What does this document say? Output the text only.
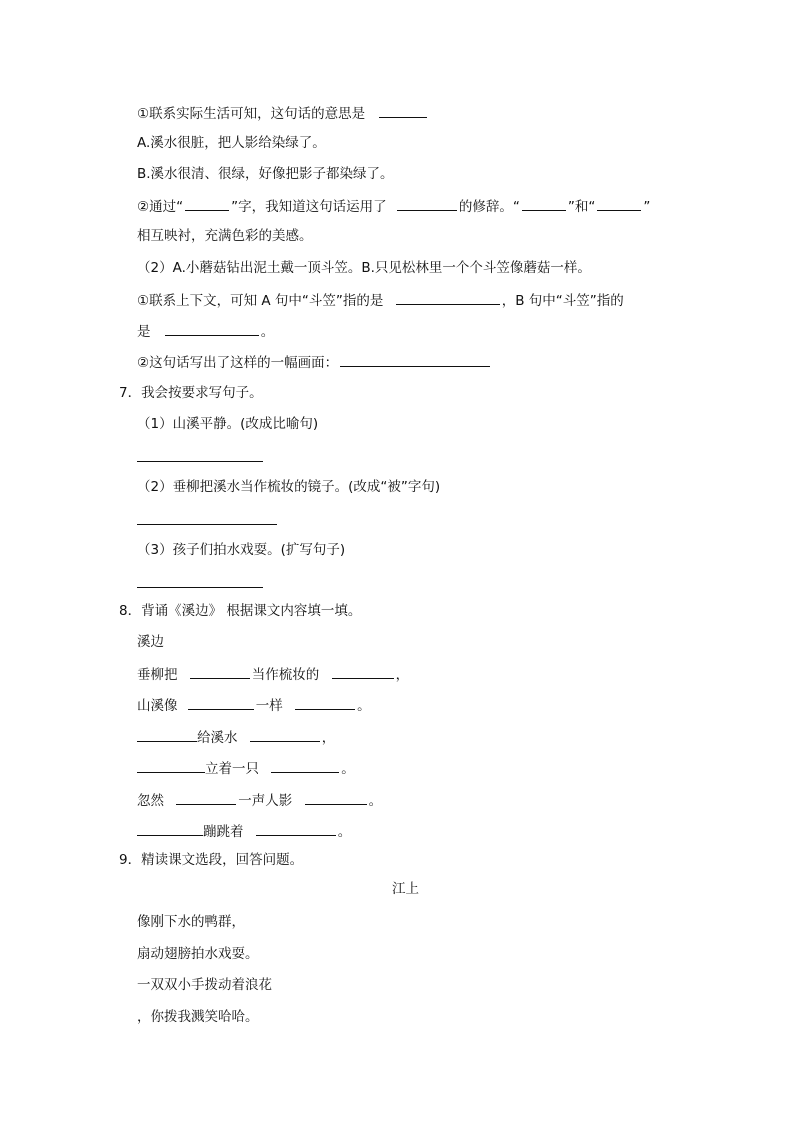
①联系实际生活可知，这句话的意思是
A.溪水很脏，把人影给染绿了。
B.溪水很清、很绿，好像把影子都染绿了。
②通过“	”字，我知道这句话运用了	的修辞。“	”和“	”
相互映衬，充满色彩的美感。
（2）A.小蘑菇钻出泥土戴一顶斗笠。B.只见松林里一个个斗笠像蘑菇一样。
①联系上下文，可知 A 句中“斗笠”指的是	，B 句中“斗笠”指的
是	。
②这句话写出了这样的一幅画面：
7．我会按要求写句子。
（1）山溪平静。(改成比喻句)
（2）垂柳把溪水当作梳妆的镜子。(改成“被”字句)
（3）孩子们拍水戏耍。(扩写句子)
8．背诵《溪边》 根据课文内容填一填。
溪边
垂柳把	当作梳妆的	，
山溪像	一样	。
给溪水	，
立着一只	。
忽然	一声人影	。
蹦跳着	。
9．精读课文选段，回答问题。
江上
像刚下水的鸭群，
扇动翅膀拍水戏耍。
一双双小手拨动着浪花
，你拨我溅笑哈哈。
